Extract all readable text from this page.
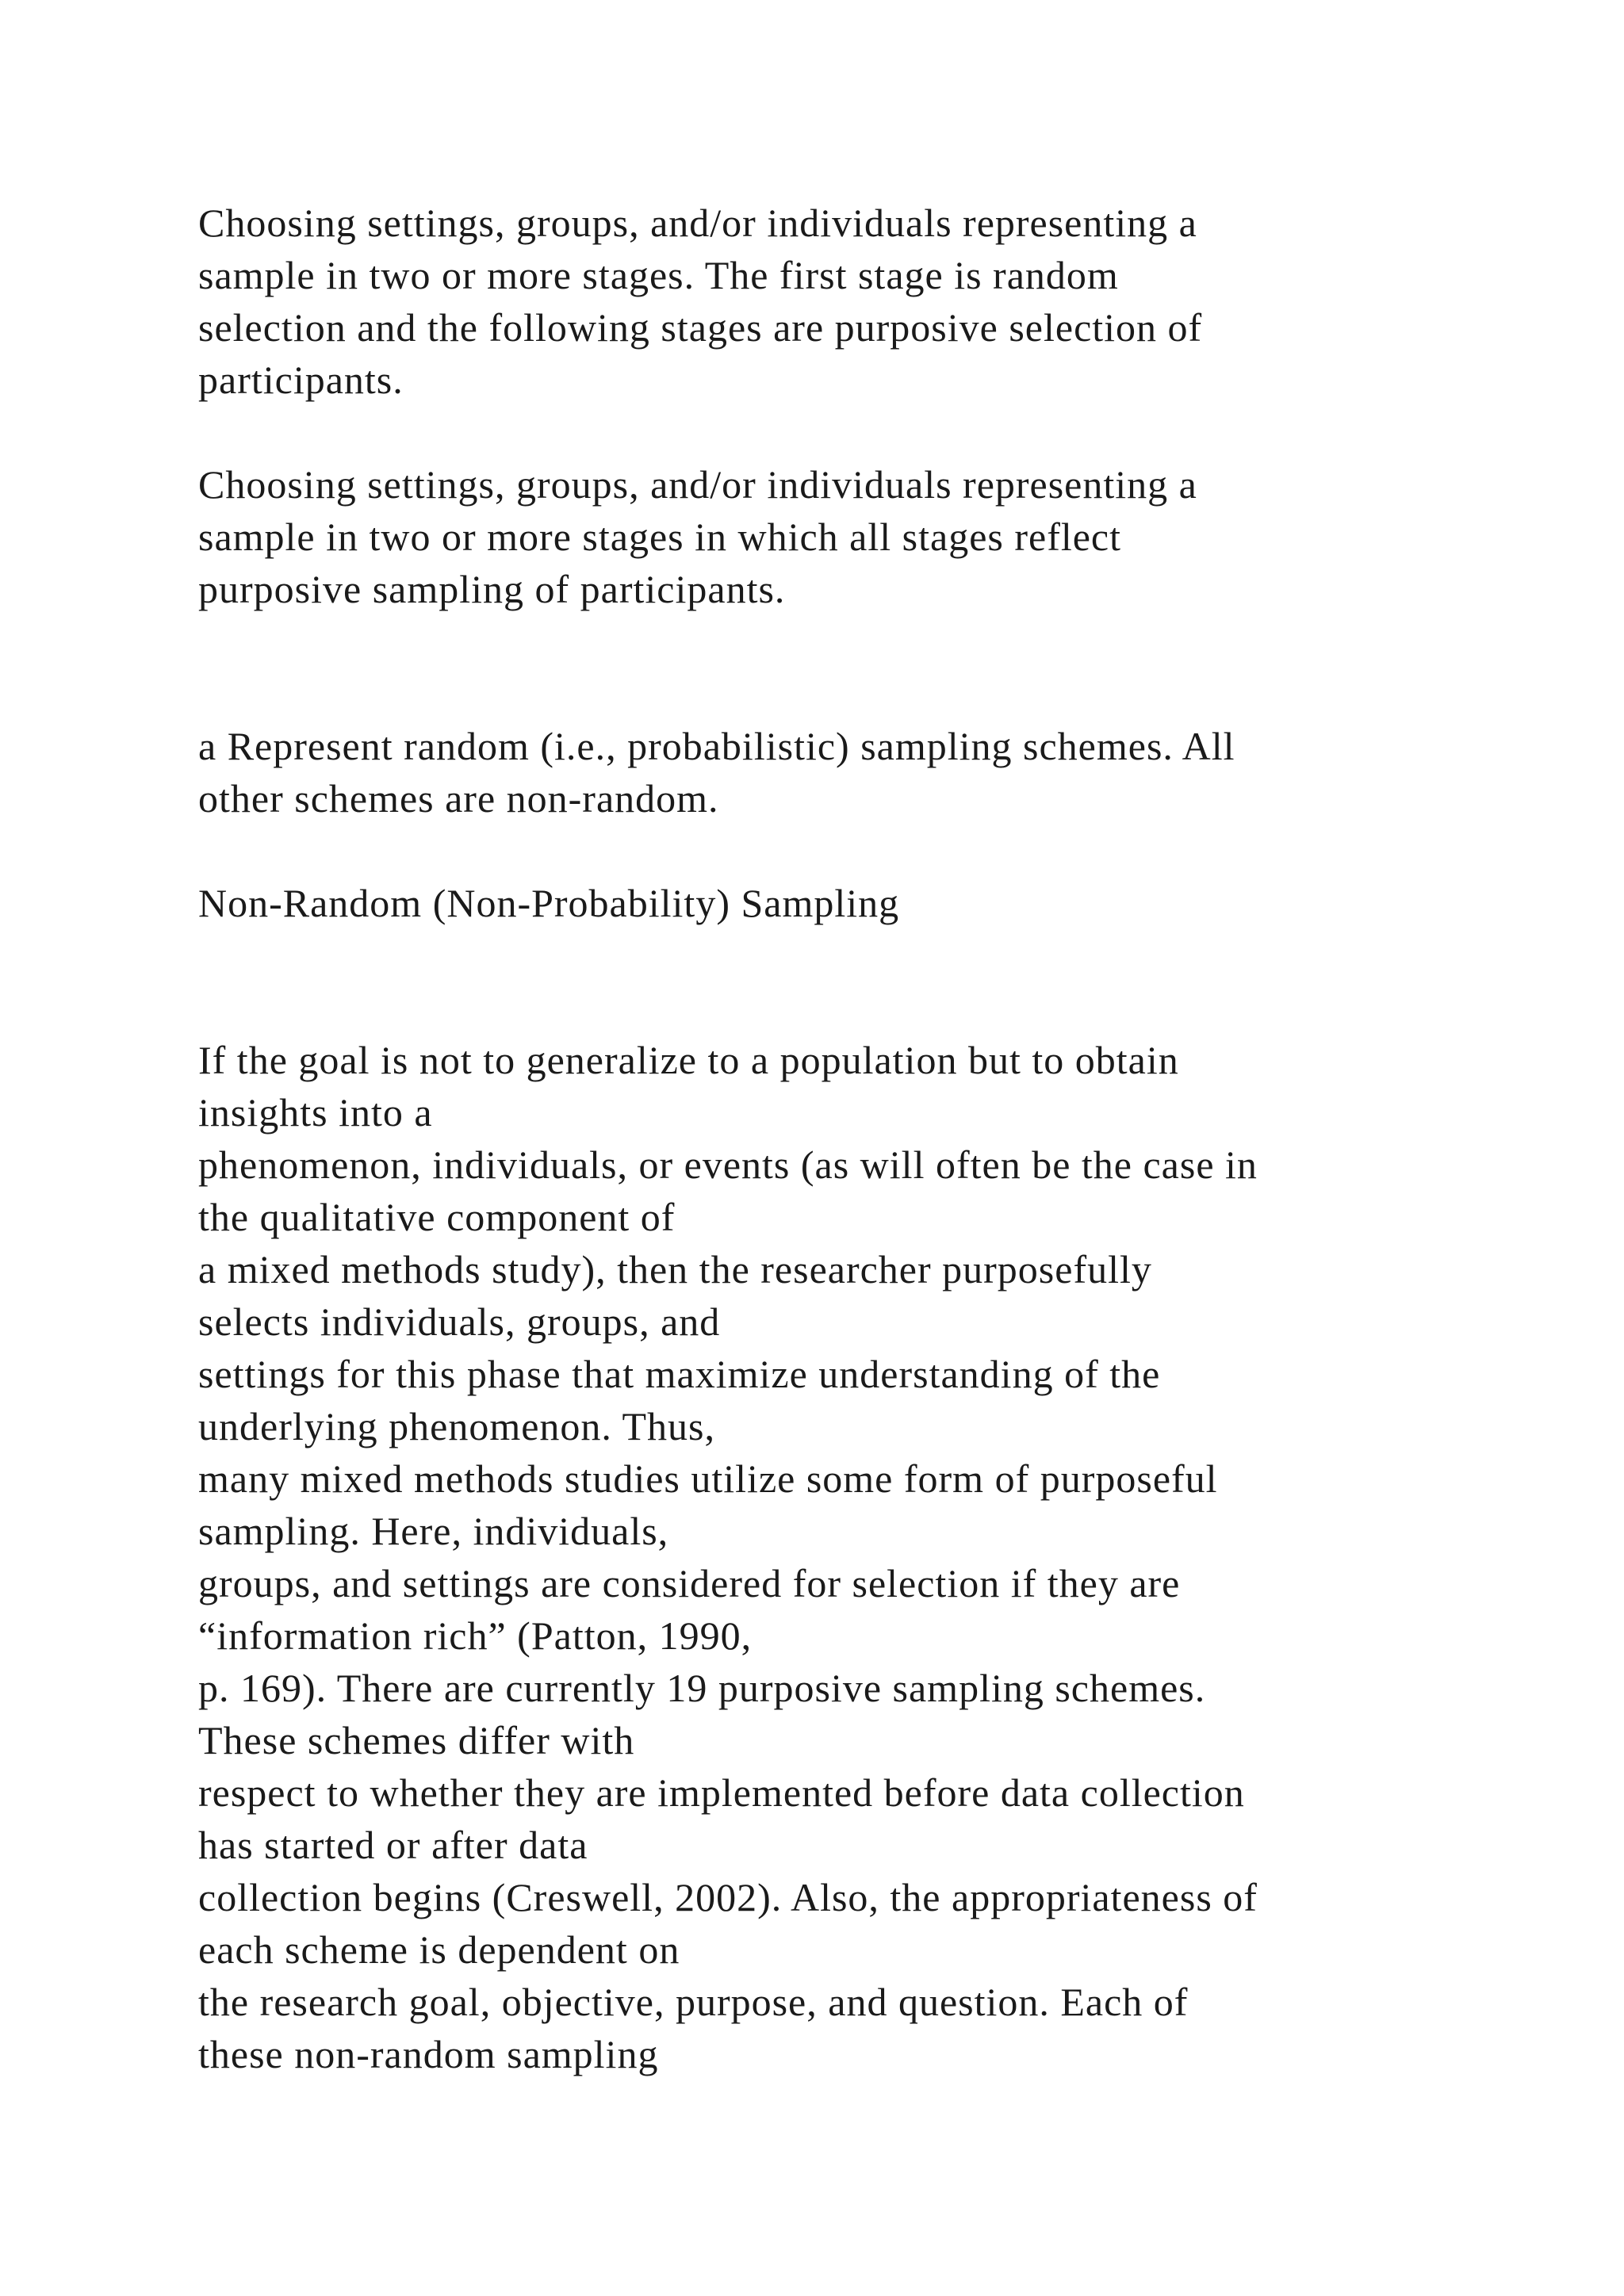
Choosing settings, groups, and/or individuals representing a
sample in two or more stages. The first stage is random
selection and the following stages are purposive selection of
participants.
Choosing settings, groups, and/or individuals representing a
sample in two or more stages in which all stages reflect
purposive sampling of participants.
a Represent random (i.e., probabilistic) sampling schemes. All
other schemes are non-random.
Non-Random (Non-Probability) Sampling
If the goal is not to generalize to a population but to obtain
insights into a
phenomenon, individuals, or events (as will often be the case in
the qualitative component of
a mixed methods study), then the researcher purposefully
selects individuals, groups, and
settings for this phase that maximize understanding of the
underlying phenomenon. Thus,
many mixed methods studies utilize some form of purposeful
sampling. Here, individuals,
groups, and settings are considered for selection if they are
“information rich” (Patton, 1990,
p. 169). There are currently 19 purposive sampling schemes.
These schemes differ with
respect to whether they are implemented before data collection
has started or after data
collection begins (Creswell, 2002). Also, the appropriateness of
each scheme is dependent on
the research goal, objective, purpose, and question. Each of
these non-random sampling
